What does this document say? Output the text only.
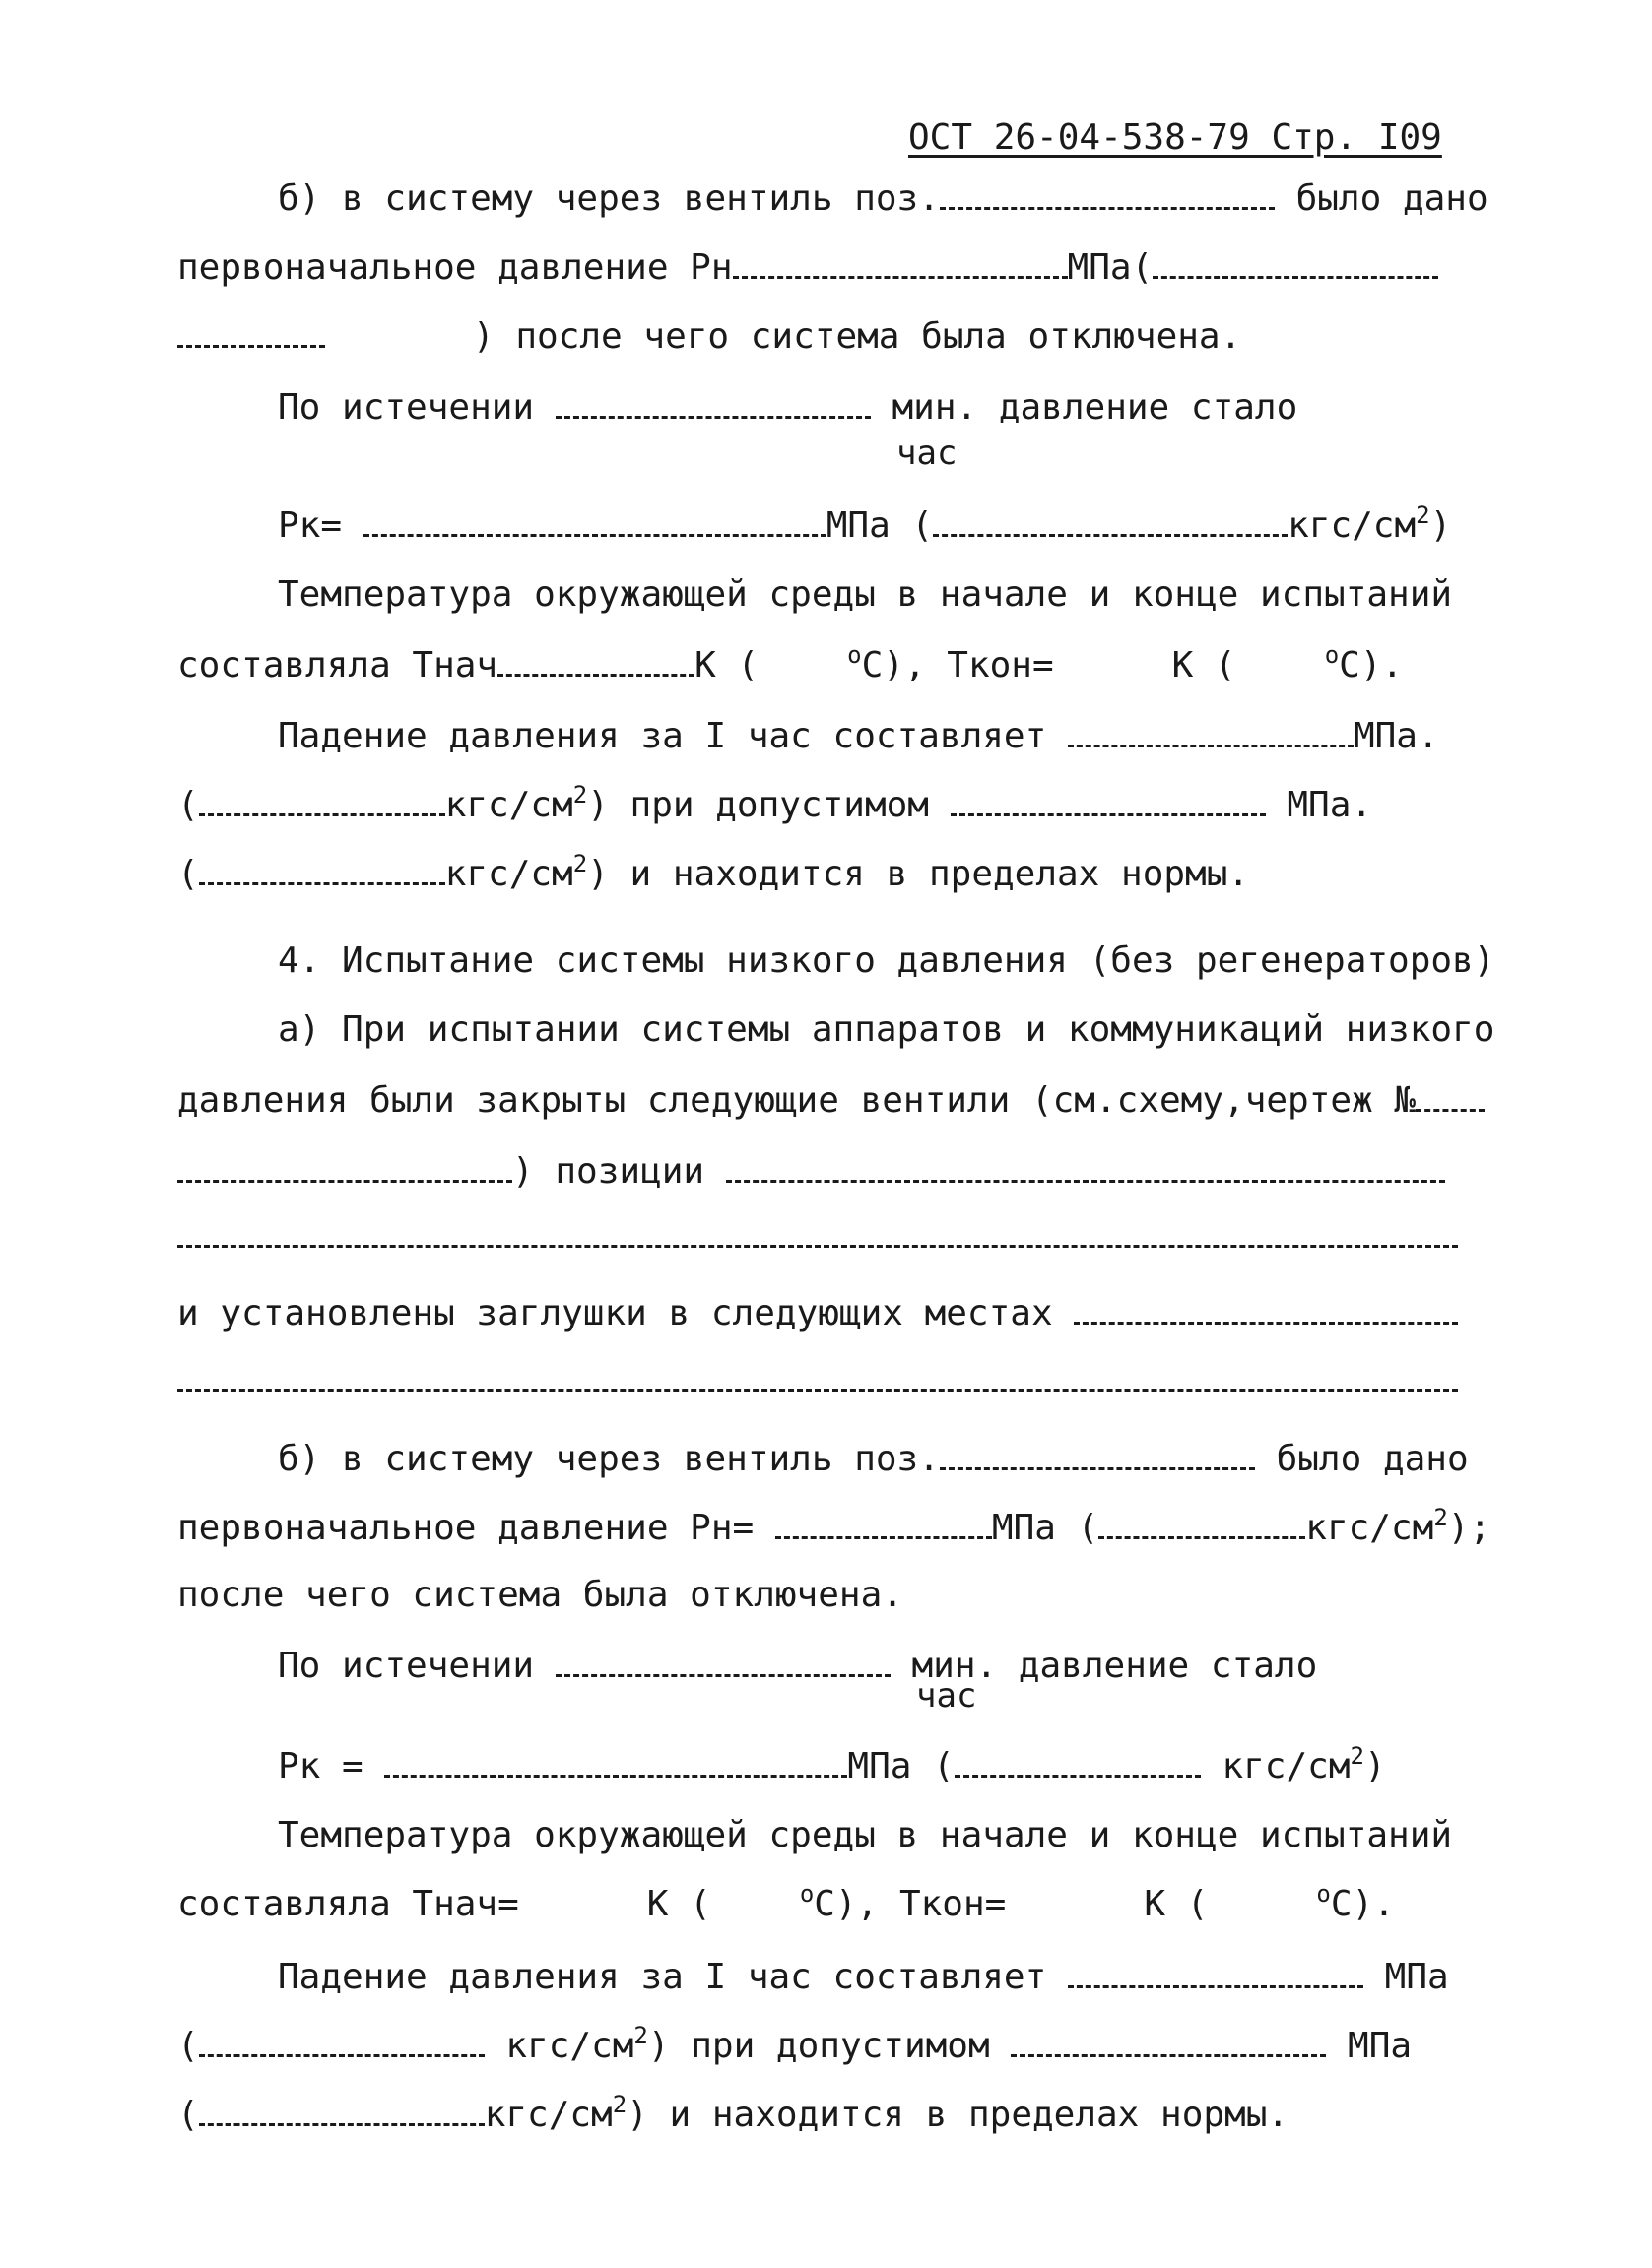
ОСТ 26-04-538-79 Стр. I09
б) в систему через вентиль поз.	было дано
первоначальное давление Рн	МПа(
) после чего система была отключена.
По истечении	мин. давление стало
час
Рк=	МПа (	кгс/$см^2$)
Температура окружающей среды в начале и конце испытаний
составляла Тнач	К (	$^о$С), Ткон=	К (	$^о$С).
Падение давления за I час составляет	МПа.
(	кгс/$см^2$) при допустимом	МПа.
(	кгс/$см^2$) и находится в пределах нормы.
4. Испытание системы низкого давления (без регенераторов)
а) При испытании системы аппаратов и коммуникаций низкого
давления были закрыты следующие вентили (см.схему,чертеж №
) позиции
и установлены заглушки в следующих местах
б) в систему через вентиль поз.	было дано
первоначальное давление Рн=	МПа (	кгс/$см^2$);
после чего система была отключена.
По истечении	мин. давление стало
час
Рк =	МПа (	кгс/$см^2$)
Температура окружающей среды в начале и конце испытаний
составляла Тнач=	К (	$^о$С), Ткон=	К (	$^о$С).
Падение давления за I час составляет	МПа
(	кгс/$см^2$) при допустимом	МПа
(	кгс/$см^2$) и находится в пределах нормы.
